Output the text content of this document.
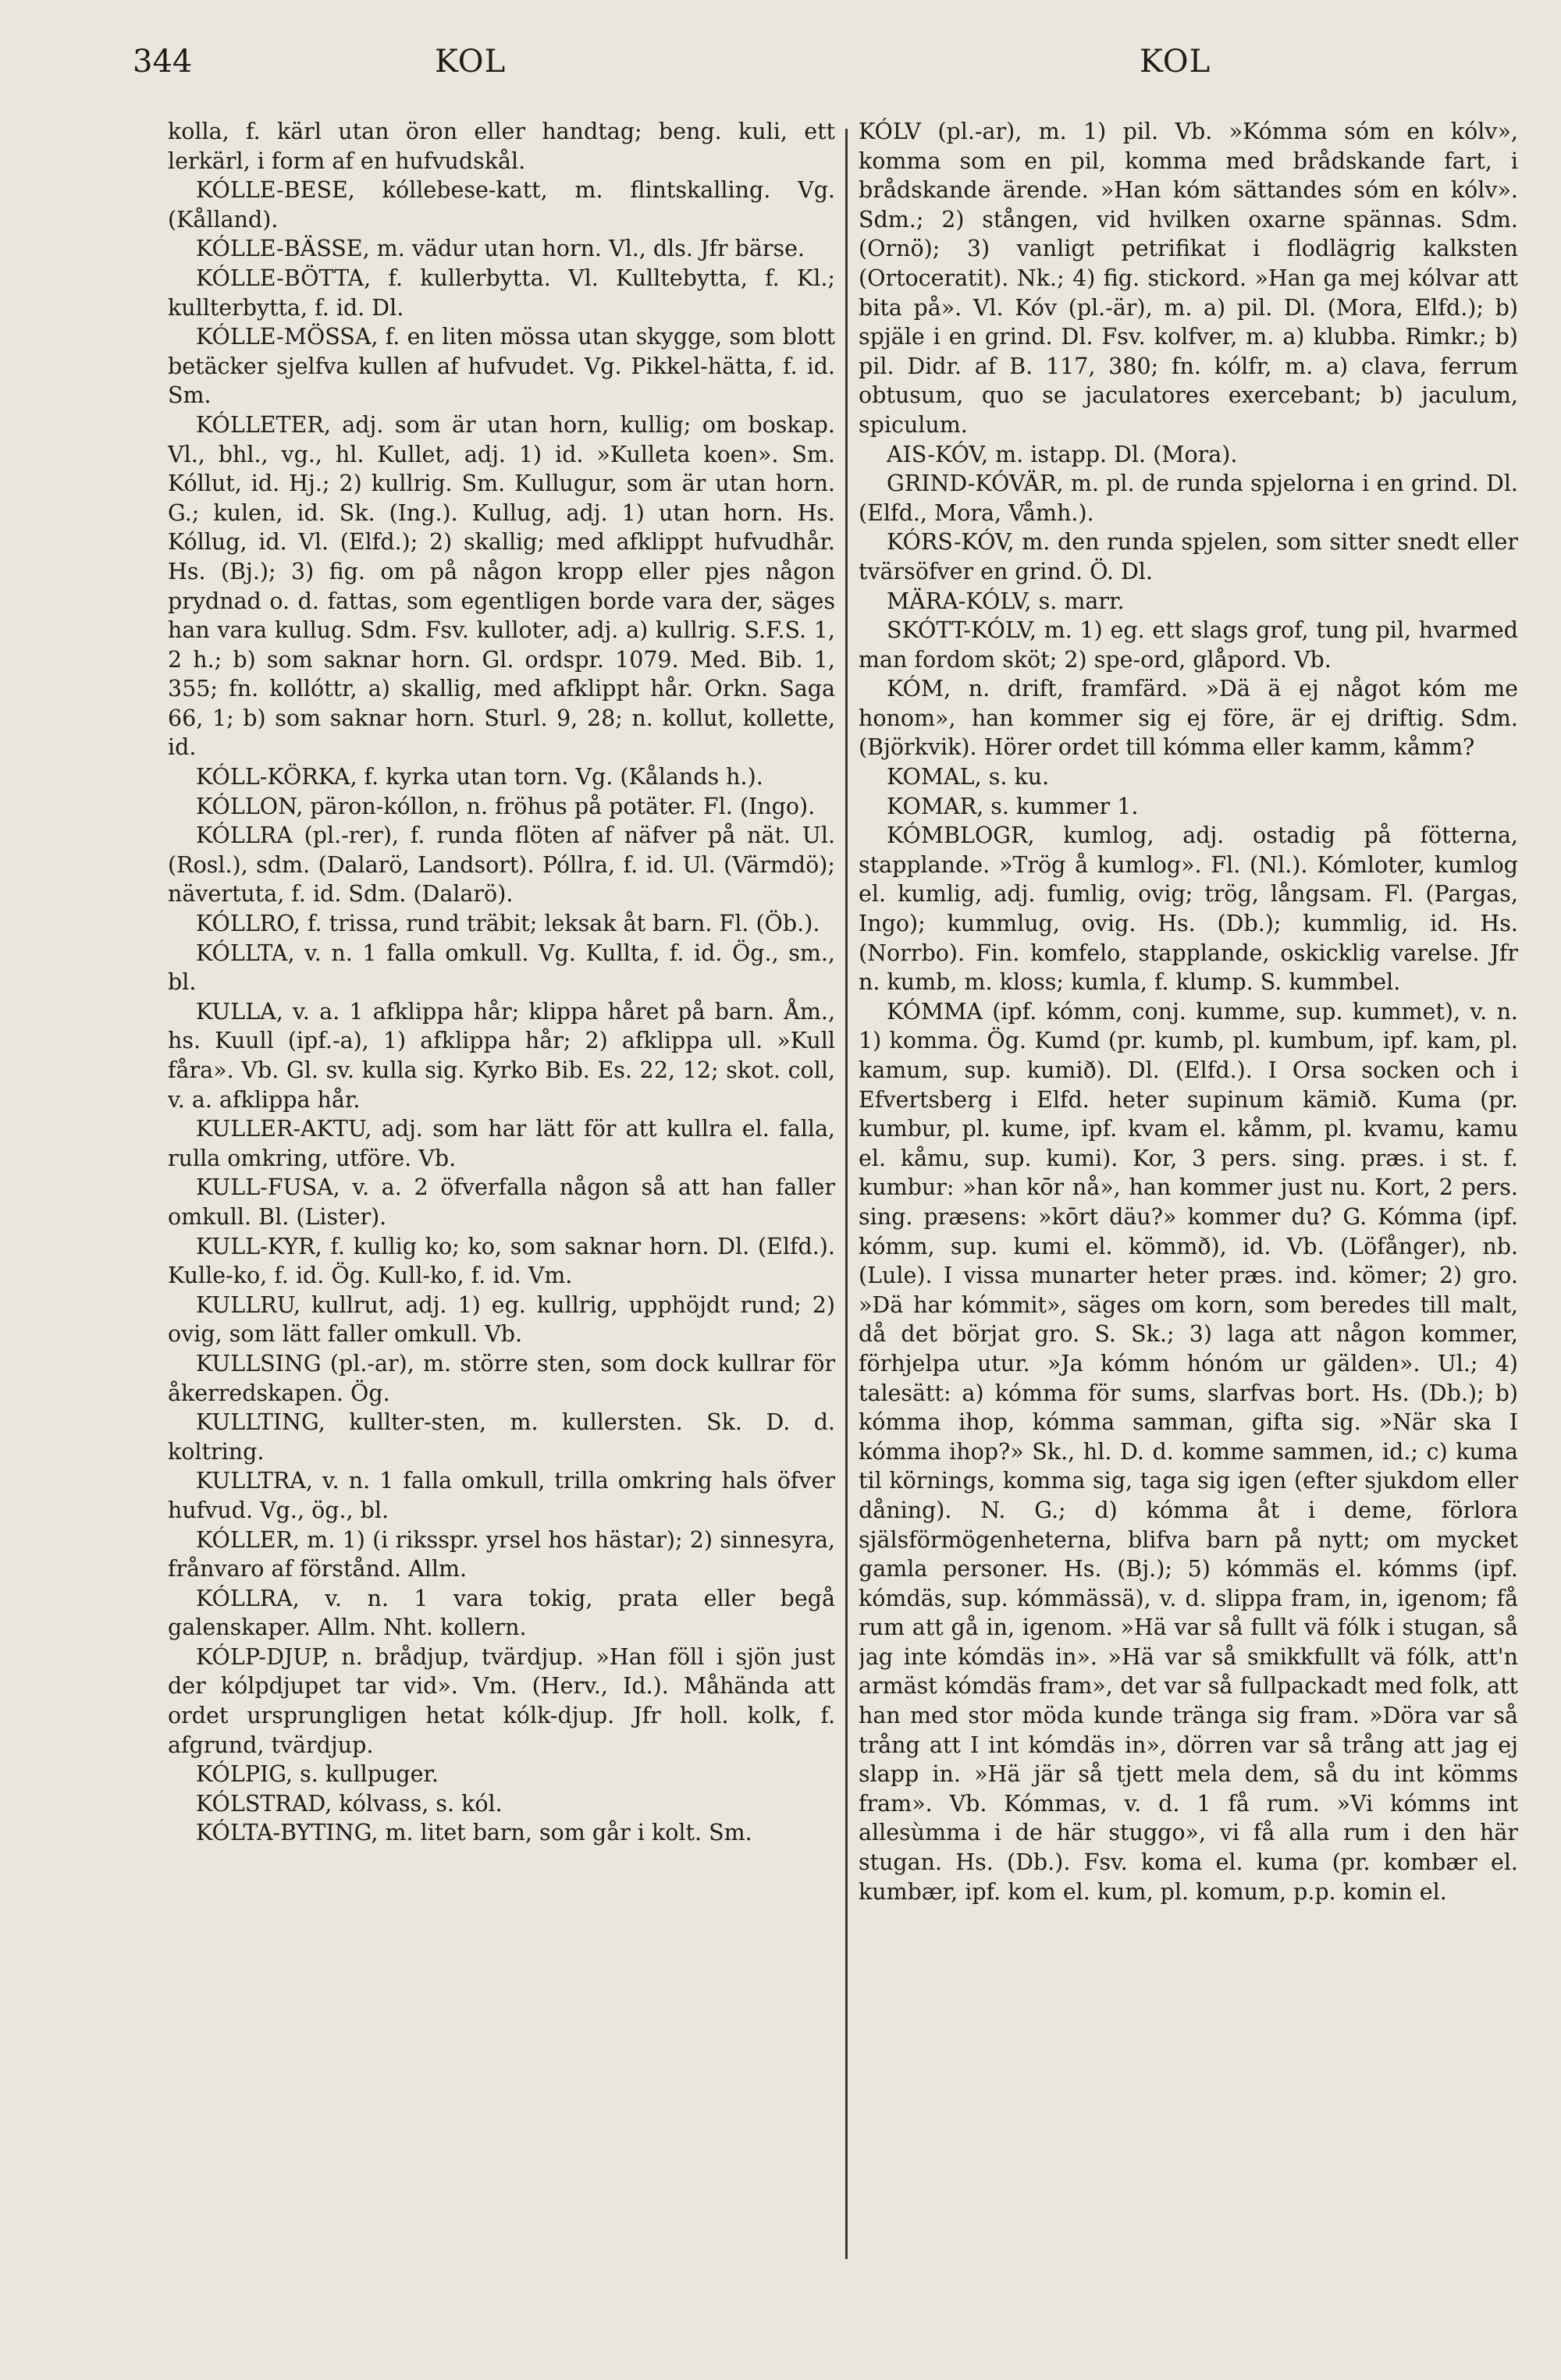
344	KOL	KOL

kolla, f. kärl utan öron eller handtag; beng. kuli, ett lerkärl, i form af en hufvudskål.

KÓLLE-BESE, kóllebese-katt, m. flintskalling. Vg. (Kålland).

KÓLLE-BÄSSE, m. vädur utan horn. Vl., dls. Jfr bärse.

KÓLLE-BÖTTA, f. kullerbytta. Vl. Kulltebytta, f. Kl.; kullterbytta, f. id. Dl.

KÓLLE-MÖSSA, f. en liten mössa utan skygge, som blott betäcker sjelfva kullen af hufvudet. Vg. Pikkel-hätta, f. id. Sm.

KÓLLETER, adj. som är utan horn, kullig; om boskap. Vl., bhl., vg., hl. Kullet, adj. 1) id. »Kulleta koen». Sm. Kóllut, id. Hj.; 2) kullrig. Sm. Kullugur, som är utan horn. G.; kulen, id. Sk. (Ing.). Kullug, adj. 1) utan horn. Hs. Kóllug, id. Vl. (Elfd.); 2) skallig; med afklippt hufvudhår. Hs. (Bj.); 3) fig. om på någon kropp eller pjes någon prydnad o. d. fattas, som egentligen borde vara der, säges han vara kullug. Sdm. Fsv. kulloter, adj. a) kullrig. S.F.S. 1, 2 h.; b) som saknar horn. Gl. ordspr. 1079. Med. Bib. 1, 355; fn. kollóttr, a) skallig, med afklippt hår. Orkn. Saga 66, 1; b) som saknar horn. Sturl. 9, 28; n. kollut, kollette, id.

KÓLL-KÖRKA, f. kyrka utan torn. Vg. (Kålands h.).

KÓLLON, päron-kóllon, n. fröhus på potäter. Fl. (Ingo).

KÓLLRA (pl.-rer), f. runda flöten af näfver på nät. Ul. (Rosl.), sdm. (Dalarö, Landsort). Póllra, f. id. Ul. (Värmdö); nävertuta, f. id. Sdm. (Dalarö).

KÓLLRO, f. trissa, rund träbit; leksak åt barn. Fl. (Öb.).

KÓLLTA, v. n. 1 falla omkull. Vg. Kullta, f. id. Ög., sm., bl.

KULLA, v. a. 1 afklippa hår; klippa håret på barn. Åm., hs. Kuull (ipf.-a), 1) afklippa hår; 2) afklippa ull. »Kull fåra». Vb. Gl. sv. kulla sig. Kyrko Bib. Es. 22, 12; skot. coll, v. a. afklippa hår.

KULLER-AKTU, adj. som har lätt för att kullra el. falla, rulla omkring, utföre. Vb.

KULL-FUSA, v. a. 2 öfverfalla någon så att han faller omkull. Bl. (Lister).

KULL-KYR, f. kullig ko; ko, som saknar horn. Dl. (Elfd.). Kulle-ko, f. id. Ög. Kull-ko, f. id. Vm.

KULLRU, kullrut, adj. 1) eg. kullrig, upphöjdt rund; 2) ovig, som lätt faller omkull. Vb.

KULLSING (pl.-ar), m. större sten, som dock kullrar för åkerredskapen. Ög.

KULLTING, kullter-sten, m. kullersten. Sk. D. d. koltring.

KULLTRA, v. n. 1 falla omkull, trilla omkring hals öfver hufvud. Vg., ög., bl.

KÓLLER, m. 1) (i riksspr. yrsel hos hästar); 2) sinnesyra, frånvaro af förstånd. Allm.

KÓLLRA, v. n. 1 vara tokig, prata eller begå galenskaper. Allm. Nht. kollern.

KÓLP-DJUP, n. brådjup, tvärdjup. »Han föll i sjön just der kólpdjupet tar vid». Vm. (Herv., Id.). Måhända att ordet ursprungligen hetat kólk-djup. Jfr holl. kolk, f. afgrund, tvärdjup.

KÓLPIG, s. kullpuger.

KÓLSTRAD, kólvass, s. kól.

KÓLTA-BYTING, m. litet barn, som går i kolt. Sm.

KÓLV (pl.-ar), m. 1) pil. Vb. »Kómma sóm en kólv», komma som en pil, komma med brådskande fart, i brådskande ärende. »Han kóm sättandes sóm en kólv». Sdm.; 2) stången, vid hvilken oxarne spännas. Sdm. (Ornö); 3) vanligt petrifikat i flodlägrig kalksten (Ortoceratit). Nk.; 4) fig. stickord. »Han ga mej kólvar att bita på». Vl. Kóv (pl.-är), m. a) pil. Dl. (Mora, Elfd.); b) spjäle i en grind. Dl. Fsv. kolfver, m. a) klubba. Rimkr.; b) pil. Didr. af B. 117, 380; fn. kólfr, m. a) clava, ferrum obtusum, quo se jaculatores exercebant; b) jaculum, spiculum.

AIS-KÓV, m. istapp. Dl. (Mora).

GRIND-KÓVÄR, m. pl. de runda spjelorna i en grind. Dl. (Elfd., Mora, Våmh.).

KÓRS-KÓV, m. den runda spjelen, som sitter snedt eller tvärsöfver en grind. Ö. Dl.

MÄRA-KÓLV, s. marr.

SKÓTT-KÓLV, m. 1) eg. ett slags grof, tung pil, hvarmed man fordom sköt; 2) spe-ord, glåpord. Vb.

KÓM, n. drift, framfärd. »Dä ä ej något kóm me honom», han kommer sig ej före, är ej driftig. Sdm. (Björkvik). Hörer ordet till kómma eller kamm, kåmm?

KOMAL, s. ku.

KOMAR, s. kummer 1.

KÓMBLOGR, kumlog, adj. ostadig på fötterna, stapplande. »Trög å kumlog». Fl. (Nl.). Kómloter, kumlog el. kumlig, adj. fumlig, ovig; trög, långsam. Fl. (Pargas, Ingo); kummlug, ovig. Hs. (Db.); kummlig, id. Hs. (Norrbo). Fin. komfelo, stapplande, oskicklig varelse. Jfr n. kumb, m. kloss; kumla, f. klump. S. kummbel.

KÓMMA (ipf. kómm, conj. kumme, sup. kummet), v. n. 1) komma. Ög. Kumd (pr. kumb, pl. kumbum, ipf. kam, pl. kamum, sup. kumið). Dl. (Elfd.). I Orsa socken och i Efvertsberg i Elfd. heter supinum kämið. Kuma (pr. kumbur, pl. kume, ipf. kvam el. kåmm, pl. kvamu, kamu el. kåmu, sup. kumi). Kor, 3 pers. sing. præs. i st. f. kumbur: »han kōr nå», han kommer just nu. Kort, 2 pers. sing. præsens: »kōrt däu?» kommer du? G. Kómma (ipf. kómm, sup. kumi el. kömmð), id. Vb. (Löfånger), nb. (Lule). I vissa munarter heter præs. ind. kömer; 2) gro. »Dä har kómmit», säges om korn, som beredes till malt, då det börjat gro. S. Sk.; 3) laga att någon kommer, förhjelpa utur. »Ja kómm hónóm ur gälden». Ul.; 4) talesätt: a) kómma för sums, slarfvas bort. Hs. (Db.); b) kómma ihop, kómma samman, gifta sig. »När ska I kómma ihop?» Sk., hl. D. d. komme sammen, id.; c) kuma til körnings, komma sig, taga sig igen (efter sjukdom eller dåning). N. G.; d) kómma åt i deme, förlora själsförmögenheterna, blifva barn på nytt; om mycket gamla personer. Hs. (Bj.); 5) kómmäs el. kómms (ipf. kómdäs, sup. kómmässä), v. d. slippa fram, in, igenom; få rum att gå in, igenom. »Hä var så fullt vä fólk i stugan, så jag inte kómdäs in». »Hä var så smikkfullt vä fólk, att'n armäst kómdäs fram», det var så fullpackadt med folk, att han med stor möda kunde tränga sig fram. »Döra var så trång att I int kómdäs in», dörren var så trång att jag ej slapp in. »Hä jär så tjett mela dem, så du int kömms fram». Vb. Kómmas, v. d. 1 få rum. »Vi kómms int allesùmma i de här stuggo», vi få alla rum i den här stugan. Hs. (Db.). Fsv. koma el. kuma (pr. kombær el. kumbær, ipf. kom el. kum, pl. komum, p.p. komin el.
